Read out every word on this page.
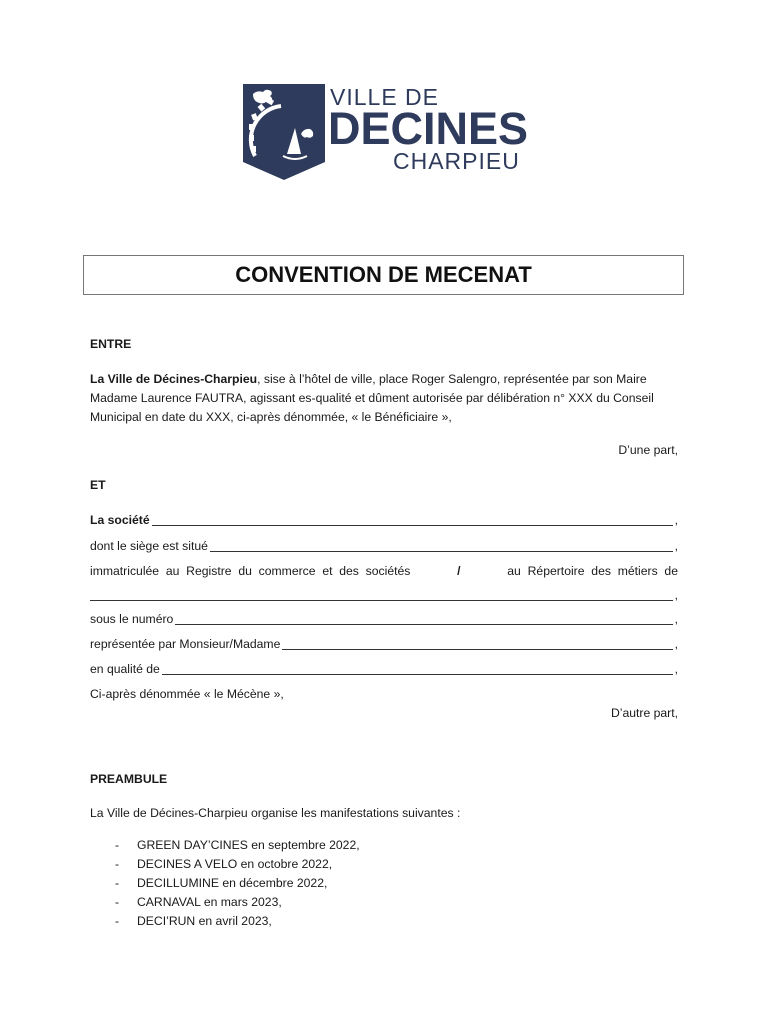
VILLE DE
DECINES
CHARPIEU
CONVENTION DE MECENAT
ENTRE
La Ville de Décines-Charpieu, sise à l’hôtel de ville, place Roger Salengro, représentée par son Maire
Madame Laurence FAUTRA, agissant es-qualité et dûment autorisée par délibération n° XXX du Conseil
Municipal en date du XXX, ci-après dénommée, « le Bénéficiaire »,
D’une part,
ET
La société	,
dont le siège est situé	,
immatriculée  au  Registre  du  commerce  et  des  sociétés	/	au  Répertoire  des  métiers  de
,
sous le numéro	,
représentée par Monsieur/Madame	,
en qualité de	,
Ci-après dénommée « le Mécène »,
D’autre part,
PREAMBULE
La Ville de Décines-Charpieu organise les manifestations suivantes :
- GREEN DAY’CINES en septembre 2022,
- DECINES A VELO en octobre 2022,
- DECILLUMINE en décembre 2022,
- CARNAVAL en mars 2023,
- DECI’RUN en avril 2023,
